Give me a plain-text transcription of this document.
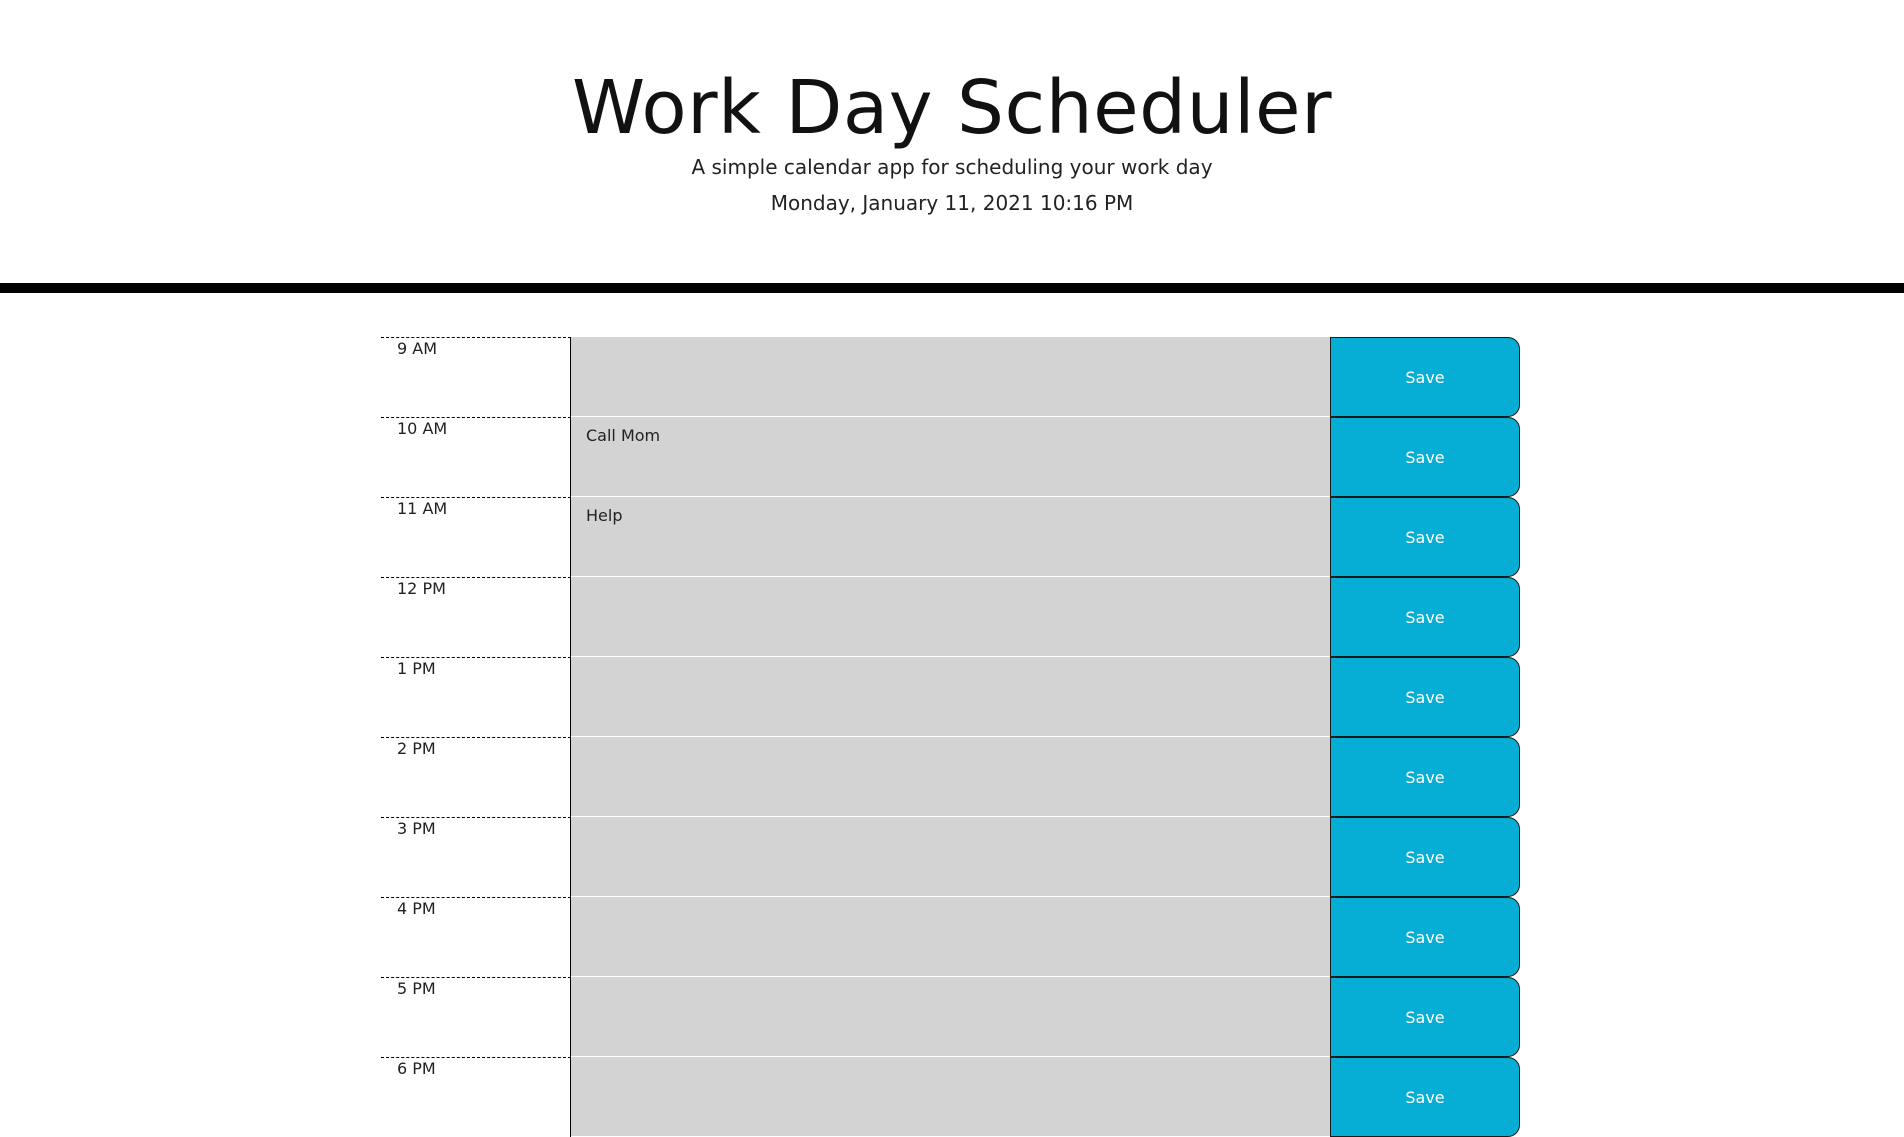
Work Day Scheduler

A simple calendar app for scheduling your work day

Monday, January 11, 2021 10:16 PM

9 AM
Save
10 AM
Call Mom
Save
11 AM
Help
Save
12 PM
Save
1 PM
Save
2 PM
Save
3 PM
Save
4 PM
Save
5 PM
Save
6 PM
Save
